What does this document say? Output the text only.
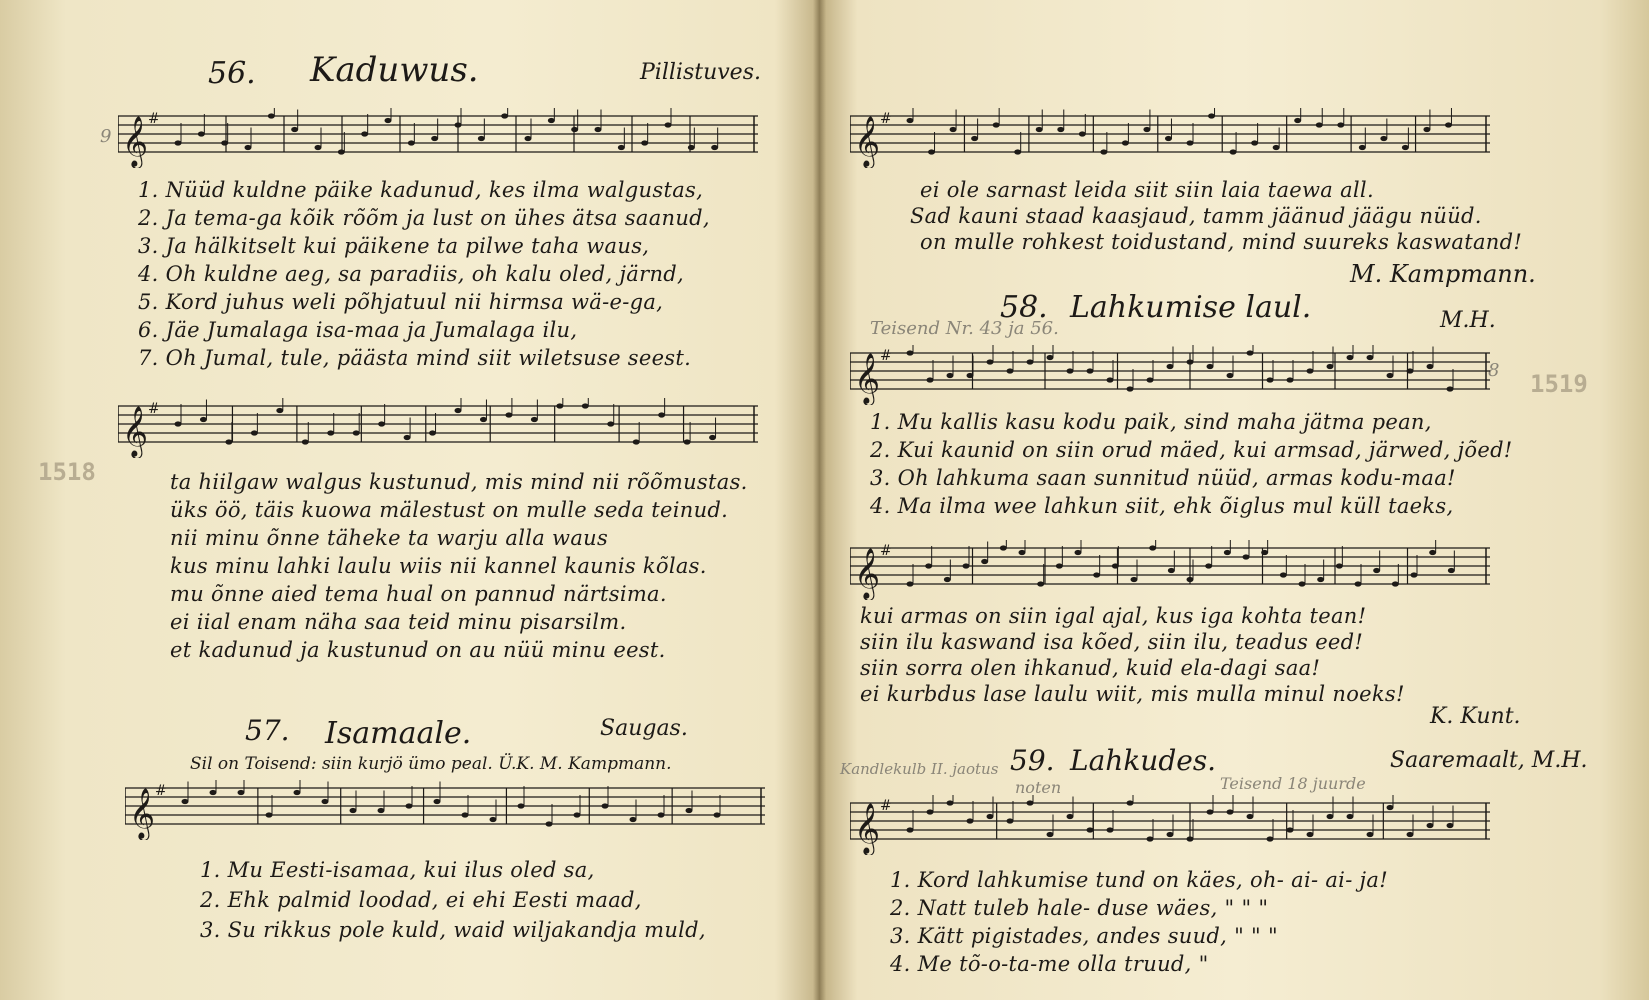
1518
9
56. Kaduwus.	Pillistuves.
𝄞 #
1. Nüüd kuldne päike kadunud, kes ilma walgustas,
2. Ja tema-ga kõik rõõm ja lust on ühes ätsa saanud,
3. Ja hälkitselt kui päikene ta pilwe taha waus,
4. Oh kuldne aeg, sa paradiis, oh kalu oled, järnd,
5. Kord juhus weli põhjatuul nii hirmsa wä-e-ga,
6. Jäe Jumalaga isa-maa ja Jumalaga ilu,
7. Oh Jumal, tule, päästa mind siit wiletsuse seest.
𝄞 #
ta hiilgaw walgus kustunud, mis mind nii rõõmustas.
üks öö, täis kuowa mälestust on mulle seda teinud.
nii minu õnne täheke ta warju alla waus
kus minu lahki laulu wiis nii kannel kaunis kõlas.
mu õnne aied tema hual on pannud närtsima.
ei iial enam näha saa teid minu pisarsilm.
et kadunud ja kustunud on au nüü minu eest.
57. Isamaale.	Saugas.
Sil on Toisend: siin kurjö ümo peal. Ü.K. M. Kampmann.
𝄞 #
1. Mu Eesti-isamaa, kui ilus oled sa,
2. Ehk palmid loodad, ei ehi Eesti maad,
3. Su rikkus pole kuld, waid wiljakandja muld,
1519
8
𝄞 #
ei ole sarnast leida siit siin laia taewa all.
Sad kauni staad kaasjaud, tamm jäänud jäägu nüüd.
on mulle rohkest toidustand, mind suureks kaswatand!
M. Kampmann.
Teisend Nr. 43 ja 56.
58. Lahkumise laul.	M.H.
𝄞 #
1. Mu kallis kasu kodu paik, sind maha jätma pean,
2. Kui kaunid on siin orud mäed, kui armsad, järwed, jõed!
3. Oh lahkuma saan sunnitud nüüd, armas kodu-maa!
4. Ma ilma wee lahkun siit, ehk õiglus mul küll taeks,
𝄞 #
kui armas on siin igal ajal, kus iga kohta tean!
siin ilu kaswand isa kõed, siin ilu, teadus eed!
siin sorra olen ihkanud, kuid ela-dagi saa!
ei kurbdus lase laulu wiit, mis mulla minul noeks!
K. Kunt.
Kandlekulb II. jaotus 59. Lahkudes.	Saaremaalt, M.H.
noten	Teisend 18 juurde
𝄞 #
1. Kord lahkumise tund on käes, oh- ai- ai- ja!
2. Natt tuleb hale- duse wäes, " " "
3. Kätt pigistades, andes suud, " " "
4. Me tõ-o-ta-me olla truud, "
